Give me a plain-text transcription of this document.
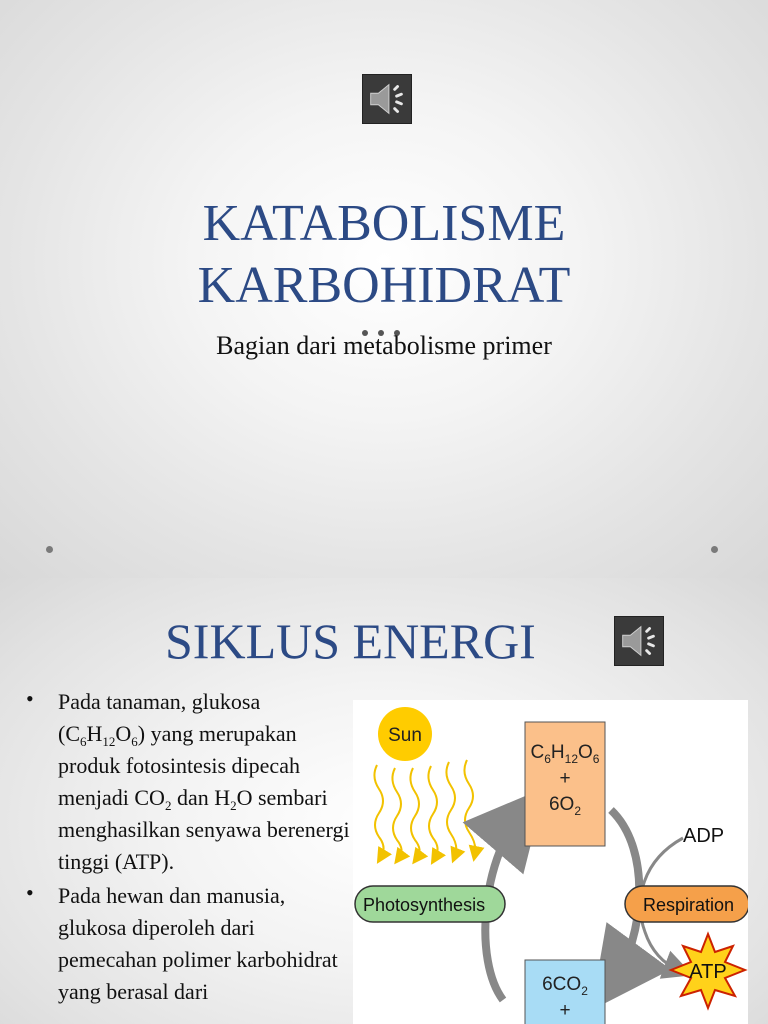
KATABOLISME
KARBOHIDRAT
Bagian dari metabolisme primer
SIKLUS ENERGI
• Pada tanaman, glukosa $(C_6H_{12}O_6)$ yang merupakan produk fotosintesis dipecah menjadi $CO_2$ dan $H_2O$ sembari menghasilkan senyawa berenergi tinggi (ATP).
• Pada hewan dan manusia, glukosa diperoleh dari pemecahan polimer karbohidrat yang berasal dari
Sun
$C_6H_{12}O_6$
+
$6O_2$
$6CO_2$
+
Photosynthesis	Respiration
ADP
ATP
